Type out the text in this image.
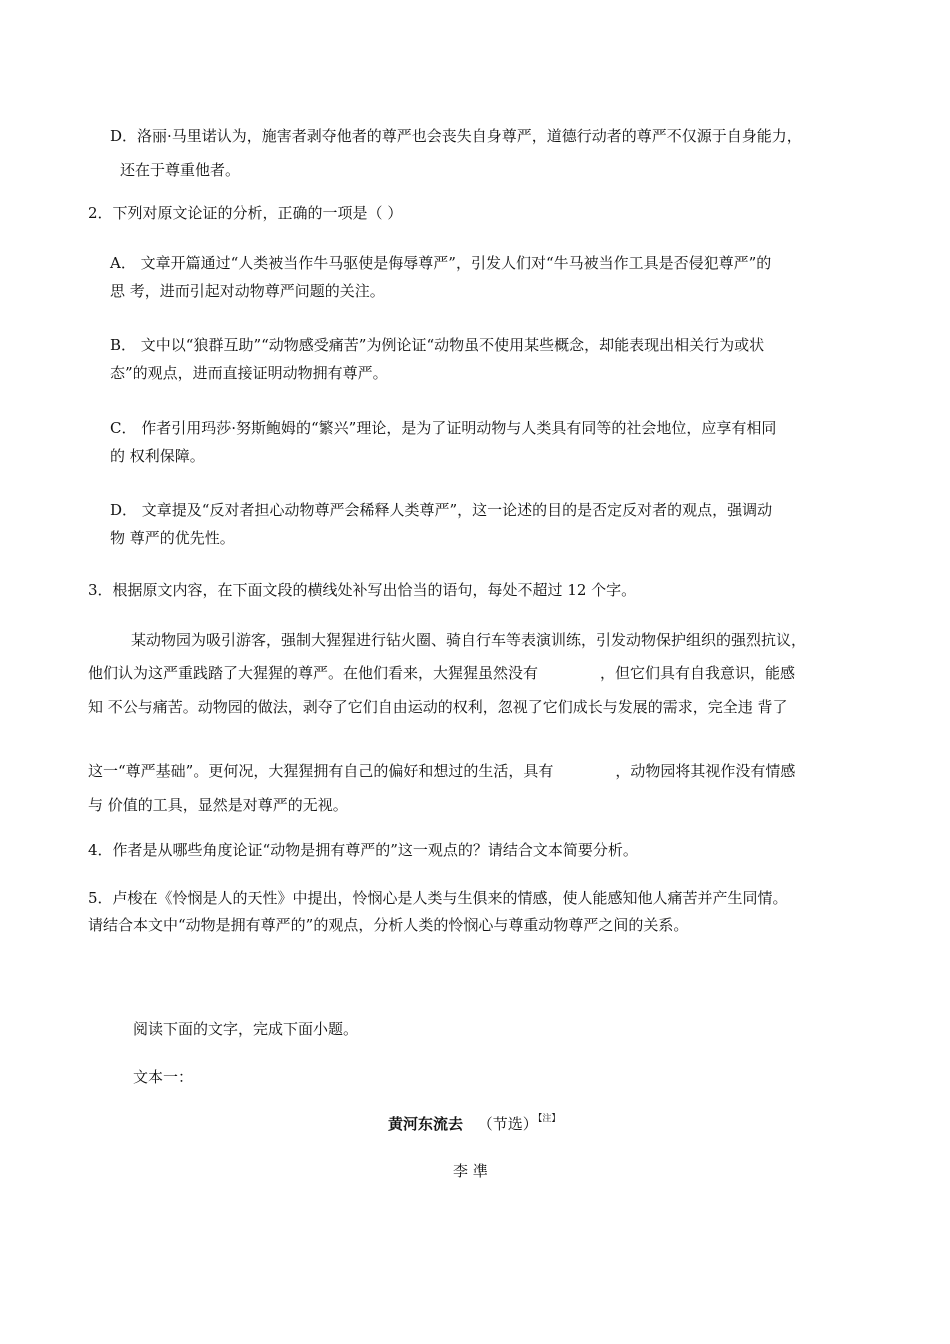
D．洛丽·马里诺认为，施害者剥夺他者的尊严也会丧失自身尊严，道德行动者的尊严不仅源于自身能力，
还在于尊重他者。
2．下列对原文论证的分析，正确的一项是（ ）
A． 文章开篇通过“人类被当作牛马驱使是侮辱尊严”，引发人们对“牛马被当作工具是否侵犯尊严”的
思 考，进而引起对动物尊严问题的关注。
B． 文中以“狼群互助”“动物感受痛苦”为例论证“动物虽不使用某些概念，却能表现出相关行为或状
态”的观点，进而直接证明动物拥有尊严。
C． 作者引用玛莎·努斯鲍姆的“繁兴”理论，是为了证明动物与人类具有同等的社会地位，应享有相同
的 权利保障。
D． 文章提及“反对者担心动物尊严会稀释人类尊严”，这一论述的目的是否定反对者的观点，强调动
物 尊严的优先性。
3．根据原文内容，在下面文段的横线处补写出恰当的语句，每处不超过 12 个字。
某动物园为吸引游客，强制大猩猩进行钻火圈、骑自行车等表演训练，引发动物保护组织的强烈抗议，
他们认为这严重践踏了大猩猩的尊严。在他们看来，大猩猩虽然没有	，但它们具有自我意识，能感
知 不公与痛苦。动物园的做法，剥夺了它们自由运动的权利，忽视了它们成长与发展的需求，完全违 背了
这一“尊严基础”。更何况，大猩猩拥有自己的偏好和想过的生活，具有	，动物园将其视作没有情感
与 价值的工具，显然是对尊严的无视。
4．作者是从哪些角度论证“动物是拥有尊严的”这一观点的？请结合文本简要分析。
5．卢梭在《怜悯是人的天性》中提出，怜悯心是人类与生俱来的情感，使人能感知他人痛苦并产生同情。
请结合本文中“动物是拥有尊严的”的观点，分析人类的怜悯心与尊重动物尊严之间的关系。
阅读下面的文字，完成下面小题。
文本一：
黄河东流去 （节选）$^{【注】}$
李 凖
